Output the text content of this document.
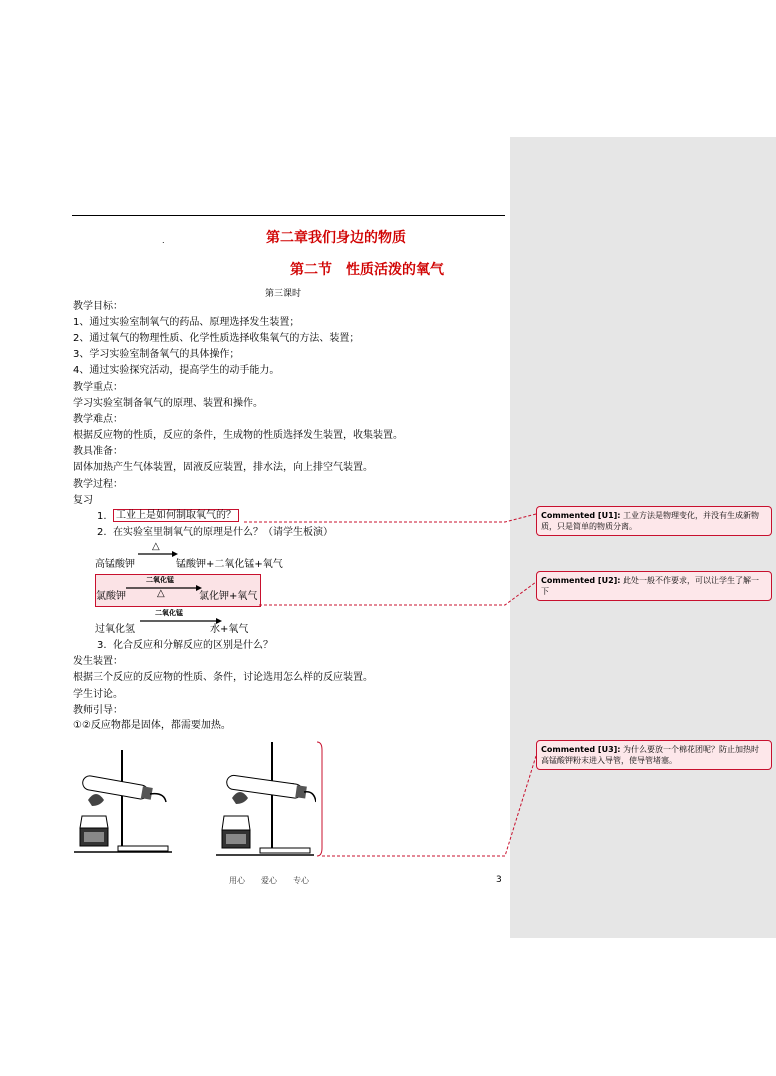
.	第二章我们身边的物质
第二节　性质活泼的氧气
第三课时
教学目标：
1、通过实验室制氧气的药品、原理选择发生装置；
2、通过氧气的物理性质、化学性质选择收集氧气的方法、装置；
3、学习实验室制备氧气的具体操作；
4、通过实验探究活动，提高学生的动手能力。
教学重点：
学习实验室制备氧气的原理、装置和操作。
教学难点：
根据反应物的性质，反应的条件，生成物的性质选择发生装置，收集装置。
教具准备：
固体加热产生气体装置，固液反应装置，排水法，向上排空气装置。
教学过程：
复习
1. 工业上是如何制取氧气的？
2. 在实验室里制氧气的原理是什么？（请学生板演）
△
高锰酸钾	锰酸钾+二氧化锰+氧气
二氧化锰
△
氯酸钾	氯化钾+氧气
二氧化锰
过氧化氢	水+氧气
3. 化合反应和分解反应的区别是什么？
发生装置：
根据三个反应的反应物的性质、条件，讨论选用怎么样的反应装置。
学生讨论。
教师引导：
①②反应物都是固体，都需要加热。
Commented [U1]: 工业方法是物理变化，并没有生成新物质，只是简单的物质分离。
Commented [U2]: 此处一般不作要求，可以让学生了解一下
Commented [U3]: 为什么要放一个棉花团呢？防止加热时高锰酸钾粉末进入导管，使导管堵塞。
用心　　爱心　　专心	3
